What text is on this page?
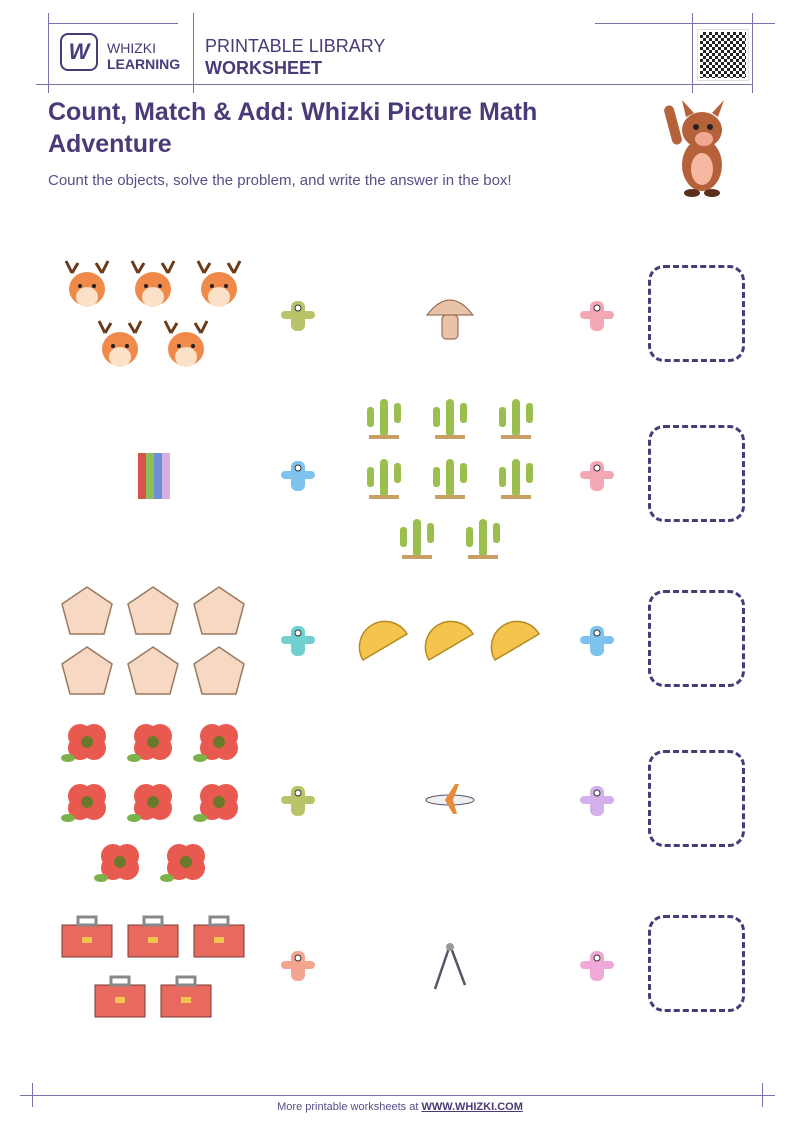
W WHIZKI
LEARNING
PRINTABLE LIBRARY
WORKSHEET
Count, Match & Add: Whizki Picture Math Adventure
Count the objects, solve the problem, and write the answer in the box!
More printable worksheets at WWW.WHIZKI.COM
